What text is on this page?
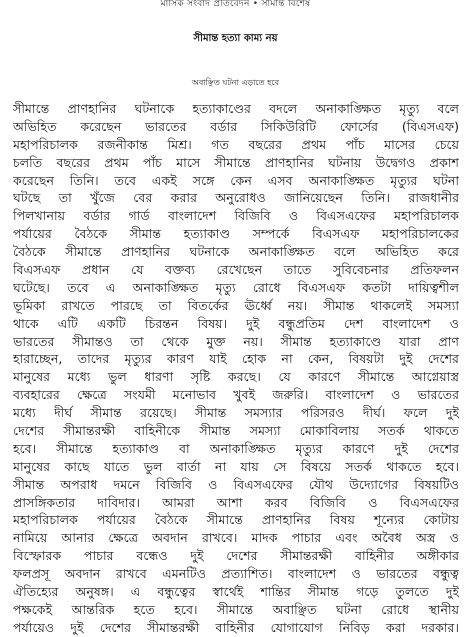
মাসিক সংবাদ প্রতিবেদন • সীমান্ত বিশেষ
সীমান্ত হত্যা কাম্য নয়
অবাঞ্ছিত ঘটনা এড়াতে হবে
সীমান্তে প্রাণহানির ঘটনাকে হত্যাকাণ্ডের বদলে অনাকাঙ্ক্ষিত মৃত্যু বলে
অভিহিত করেছেন ভারতের বর্ডার সিকিউরিটি ফোর্সের (বিএসএফ)
মহাপরিচালক রজনীকান্ত মিশ্র। গত বছরের প্রথম পাঁচ মাসের চেয়ে
চলতি বছরের প্রথম পাঁচ মাসে সীমান্তে প্রাণহানির ঘটনায় উদ্বেগও প্রকাশ
করেছেন তিনি। তবে একই সঙ্গে কেন এসব অনাকাঙ্ক্ষিত মৃত্যুর ঘটনা
ঘটছে তা খুঁজে বের করার অনুরোধও জানিয়েছেন তিনি। রাজধানীর
পিলখানায় বর্ডার গার্ড বাংলাদেশ বিজিবি ও বিএসএফের মহাপরিচালক
পর্যায়ের বৈঠকে সীমান্ত হত্যাকাণ্ড সম্পর্কে বিএসএফ মহাপরিচালকের
বৈঠকে সীমান্তে প্রাণহানির ঘটনাকে অনাকাঙ্ক্ষিত বলে অভিহিত করে
বিএসএফ প্রধান যে বক্তব্য রেখেছেন তাতে সুবিবেচনার প্রতিফলন
ঘটেছে। তবে এ অনাকাঙ্ক্ষিত মৃত্যু রোধে বিএসএফ কতটা দায়িত্বশীল
ভূমিকা রাখতে পারছে তা বিতর্কের ঊর্ধ্বে নয়। সীমান্ত থাকলেই সমস্যা
থাকে এটি একটি চিরন্তন বিষয়। দুই বন্ধুপ্রতিম দেশ বাংলাদেশ ও
ভারতের সীমান্তও তা থেকে মুক্ত নয়। সীমান্ত হত্যাকাণ্ডে যারা প্রাণ
হারাচ্ছেন, তাদের মৃত্যুর কারণ যাই হোক না কেন, বিষয়টা দুই দেশের
মানুষের মধ্যে ভুল ধারণা সৃষ্টি করছে। যে কারণে সীমান্তে আগ্নেয়াস্ত্র
ব্যবহারের ক্ষেত্রে সংযমী মনোভাব খুবই জরুরি। বাংলাদেশ ও ভারতের
মধ্যে দীর্ঘ সীমান্ত রয়েছে। সীমান্ত সমস্যার পরিসরও দীর্ঘ। ফলে দুই
দেশের সীমান্তরক্ষী বাহিনীকে সীমান্ত সমস্যা মোকাবিলায় সতর্ক থাকতে
হবে। সীমান্তে হত্যাকাণ্ড বা অনাকাঙ্ক্ষিত মৃত্যুর কারণে দুই দেশের
মানুষের কাছে যাতে ভুল বার্তা না যায় সে বিষয়ে সতর্ক থাকতে হবে।
সীমান্ত অপরাধ দমনে বিজিবি ও বিএসএফের যৌথ উদ্যোগের বিষয়টিও
প্রাসঙ্গিকতার দাবিদার। আমরা আশা করব বিজিবি ও বিএসএফের
মহাপরিচালক পর্যায়ের বৈঠকে সীমান্তে প্রাণহানির বিষয় শূন্যের কোটায়
নামিয়ে আনার ক্ষেত্রে অবদান রাখবে। মাদক পাচার এবং অবৈধ অস্ত্র ও
বিস্ফোরক পাচার বন্ধেও দুই দেশের সীমান্তরক্ষী বাহিনীর অঙ্গীকার
ফলপ্রসূ অবদান রাখবে এমনটিও প্রত্যাশিত। বাংলাদেশ ও ভারতের বন্ধুত্ব
ঐতিহ্যের অনুষঙ্গ। এ বন্ধুত্বের স্বার্থেই শান্তির সীমান্ত গড়ে তুলতে দুই
পক্ষকেই আন্তরিক হতে হবে। সীমান্তে অবাঞ্ছিত ঘটনা রোধে স্থানীয়
পর্যায়েও দুই দেশের সীমান্তরক্ষী বাহিনীর যোগাযোগ নিবিড় করা দরকার।
